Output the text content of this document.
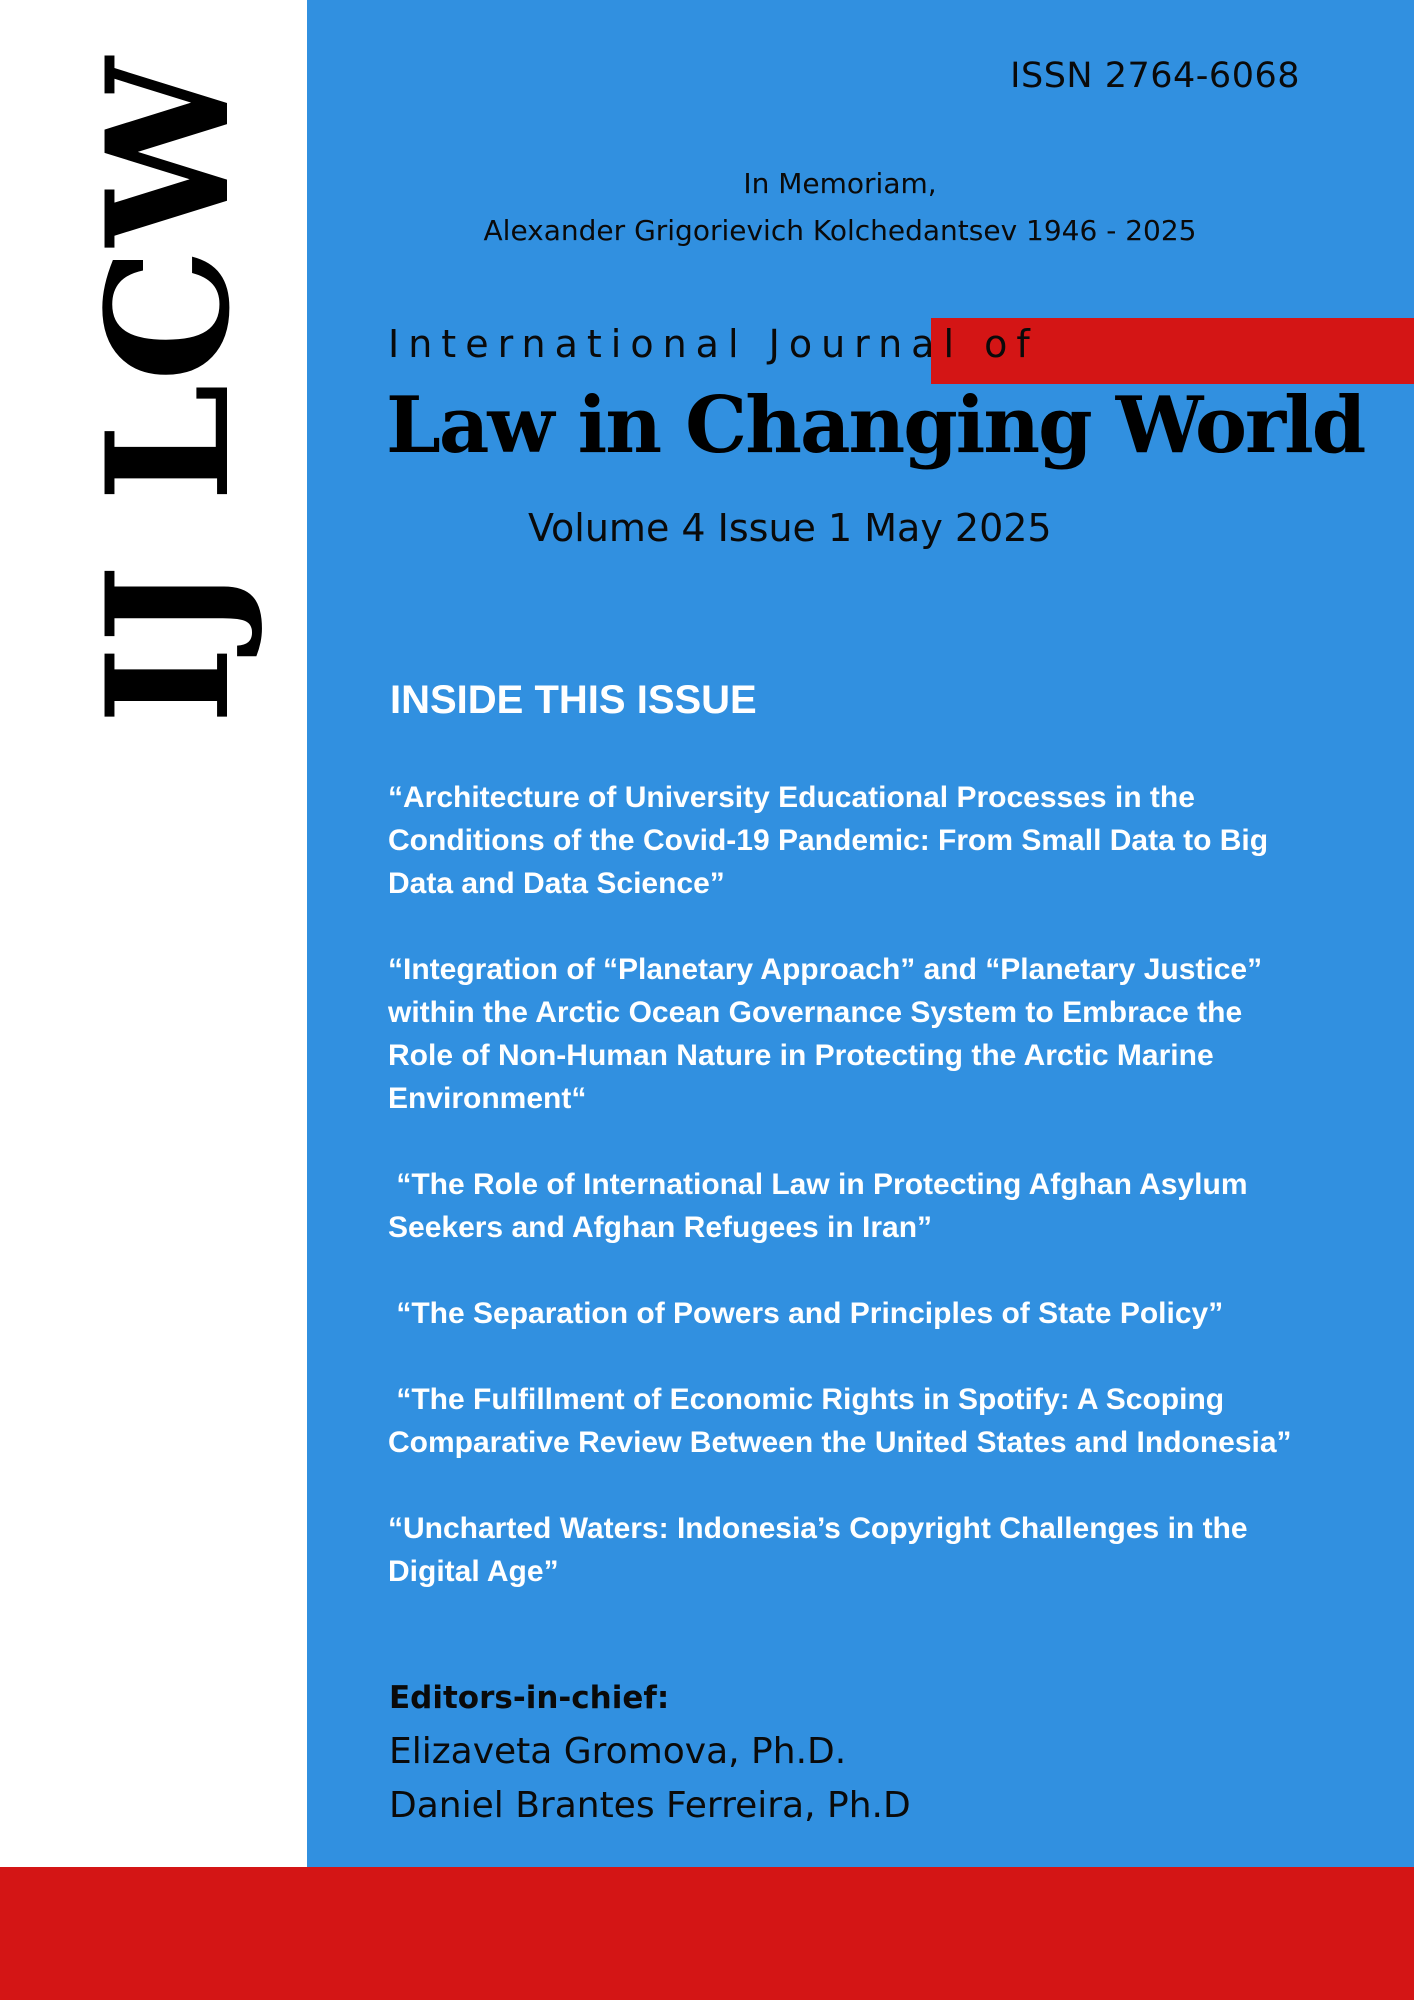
IJ LCW	ISSN 2764-6068
In Memoriam,
Alexander Grigorievich Kolchedantsev 1946 - 2025
International Journal of
Law in Changing World
Volume 4 Issue 1 May 2025
INSIDE THIS ISSUE
“Architecture of University Educational Processes in the Conditions of the Covid-19 Pandemic: From Small Data to Big Data and Data Science”
“Integration of “Planetary Approach” and “Planetary Justice” within the Arctic Ocean Governance System to Embrace the Role of Non-Human Nature in Protecting the Arctic Marine Environment“
“The Role of International Law in Protecting Afghan Asylum Seekers and Afghan Refugees in Iran”
“The Separation of Powers and Principles of State Policy”
“The Fulfillment of Economic Rights in Spotify: A Scoping Comparative Review Between the United States and Indonesia”
“Uncharted Waters: Indonesia’s Copyright Challenges in the Digital Age”
Editors-in-chief:
Elizaveta Gromova, Ph.D.
Daniel Brantes Ferreira, Ph.D
